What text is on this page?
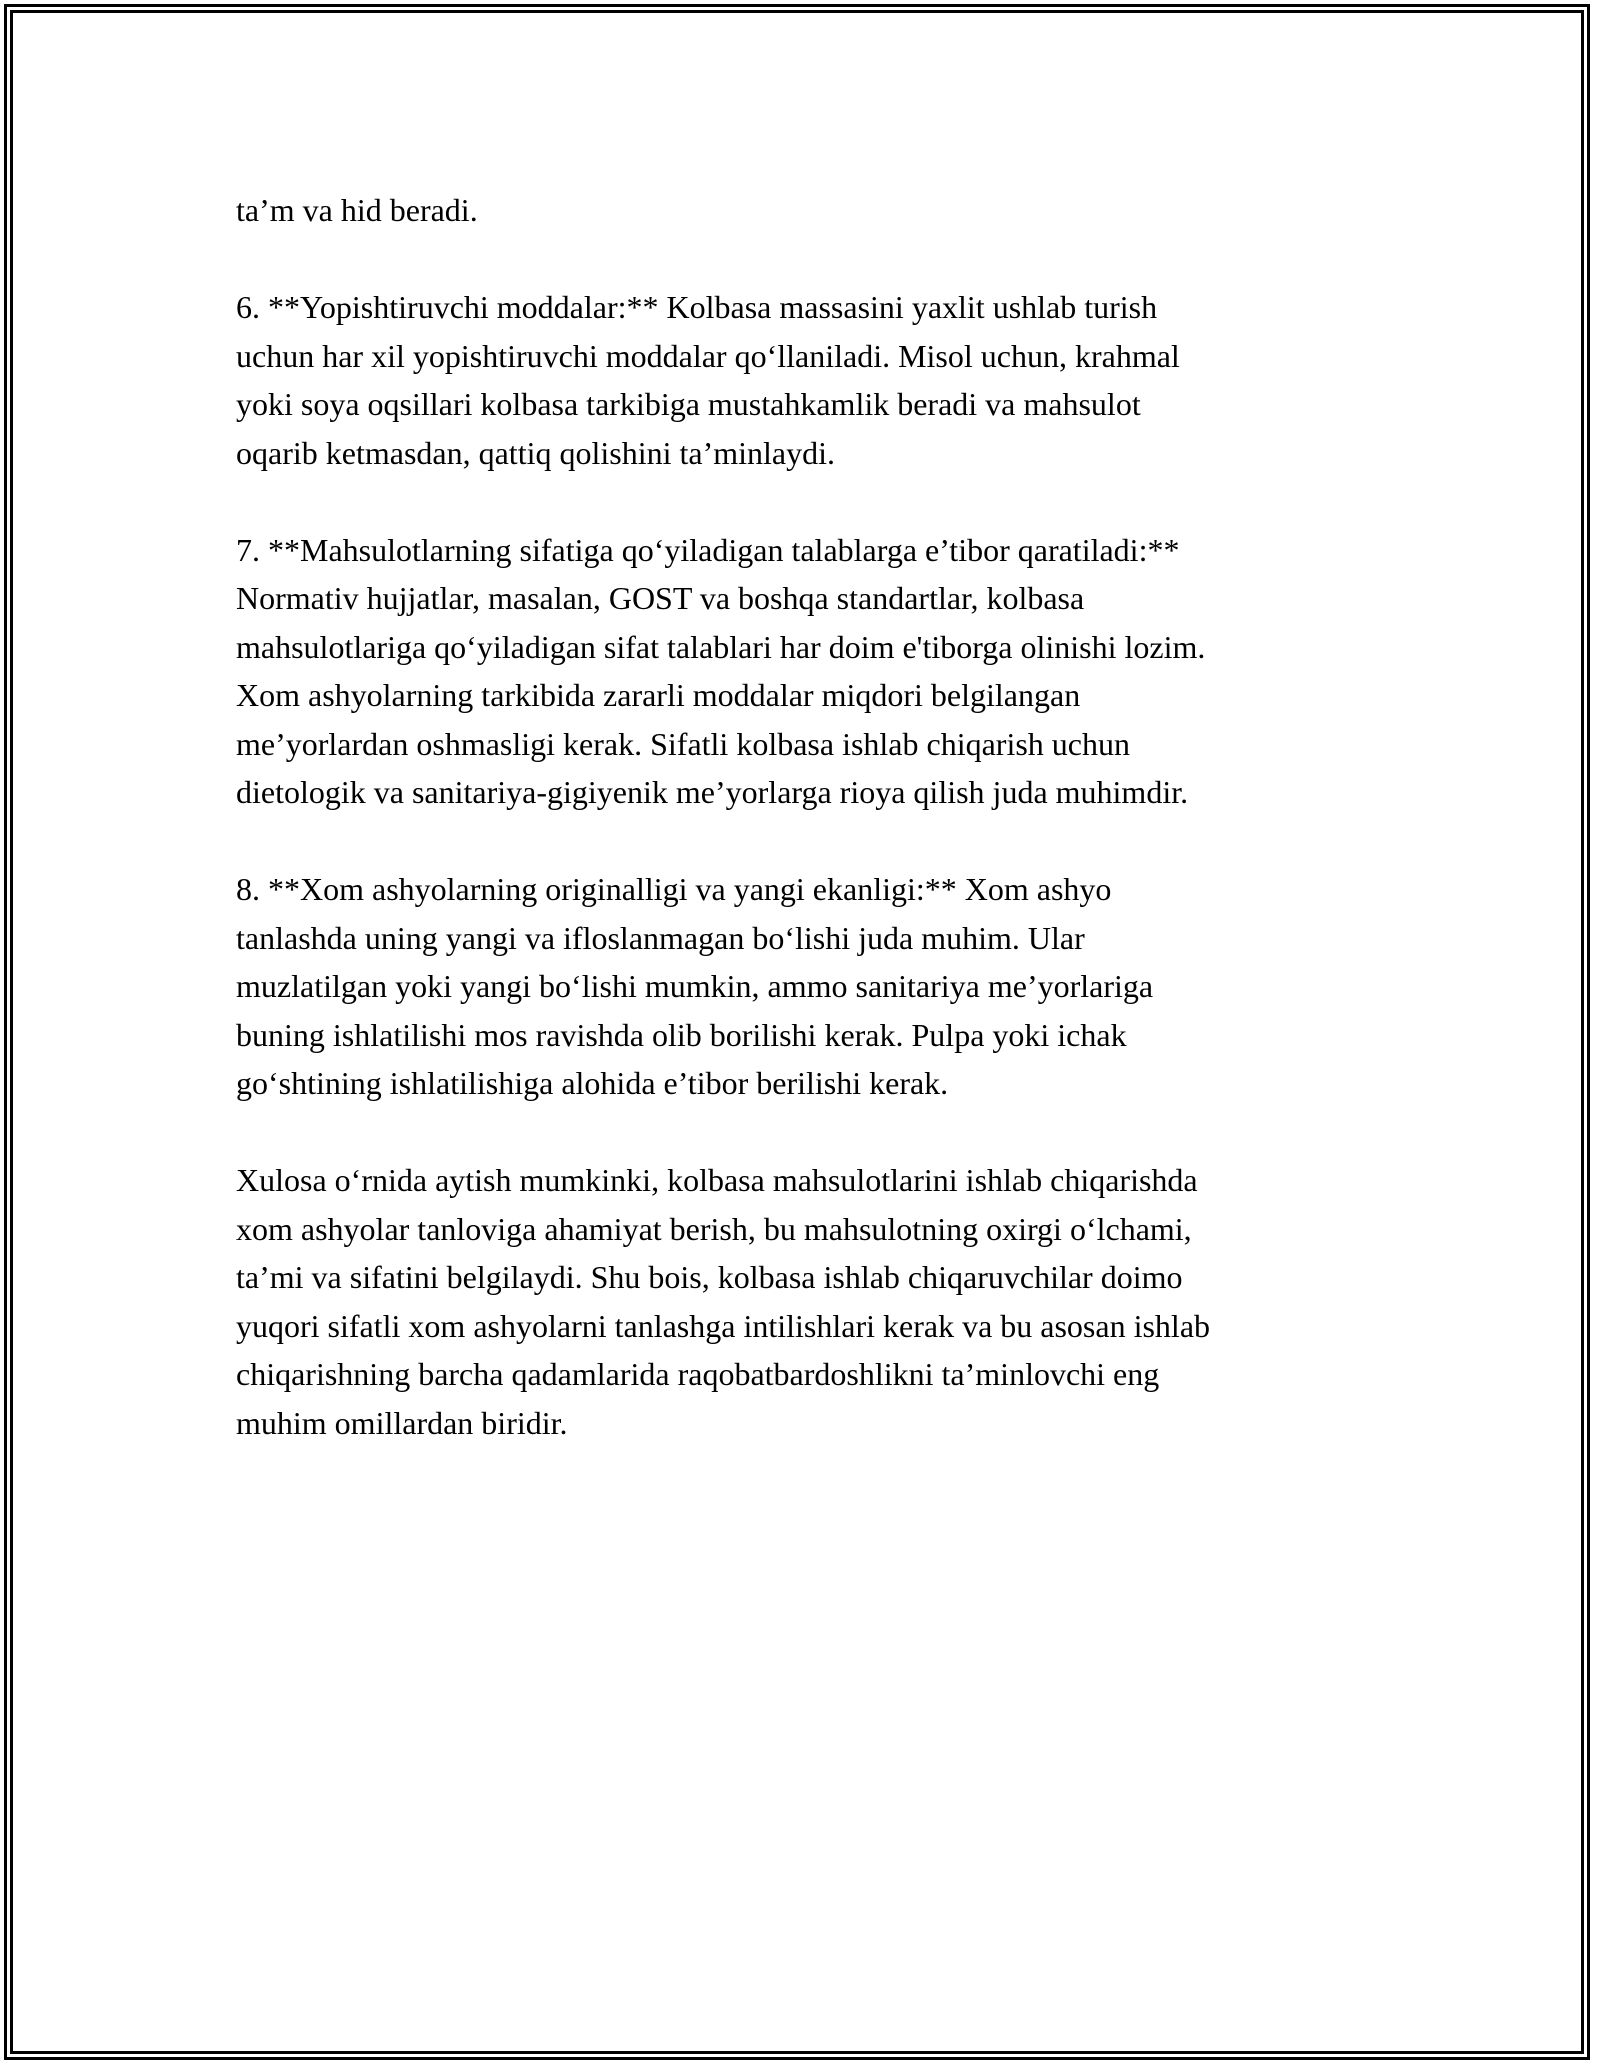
ta’m va hid beradi.

6. **Yopishtiruvchi moddalar:** Kolbasa massasini yaxlit ushlab turish
uchun har xil yopishtiruvchi moddalar qo‘llaniladi. Misol uchun, krahmal
yoki soya oqsillari kolbasa tarkibiga mustahkamlik beradi va mahsulot
oqarib ketmasdan, qattiq qolishini ta’minlaydi.

7. **Mahsulotlarning sifatiga qo‘yiladigan talablarga e’tibor qaratiladi:**
Normativ hujjatlar, masalan, GOST va boshqa standartlar, kolbasa
mahsulotlariga qo‘yiladigan sifat talablari har doim e'tiborga olinishi lozim.
Xom ashyolarning tarkibida zararli moddalar miqdori belgilangan
me’yorlardan oshmasligi kerak. Sifatli kolbasa ishlab chiqarish uchun
dietologik va sanitariya-gigiyenik me’yorlarga rioya qilish juda muhimdir.

8. **Xom ashyolarning originalligi va yangi ekanligi:** Xom ashyo
tanlashda uning yangi va ifloslanmagan bo‘lishi juda muhim. Ular
muzlatilgan yoki yangi bo‘lishi mumkin, ammo sanitariya me’yorlariga
buning ishlatilishi mos ravishda olib borilishi kerak. Pulpa yoki ichak
go‘shtining ishlatilishiga alohida e’tibor berilishi kerak.

Xulosa o‘rnida aytish mumkinki, kolbasa mahsulotlarini ishlab chiqarishda
xom ashyolar tanloviga ahamiyat berish, bu mahsulotning oxirgi o‘lchami,
ta’mi va sifatini belgilaydi. Shu bois, kolbasa ishlab chiqaruvchilar doimo
yuqori sifatli xom ashyolarni tanlashga intilishlari kerak va bu asosan ishlab
chiqarishning barcha qadamlarida raqobatbardoshlikni ta’minlovchi eng
muhim omillardan biridir.
